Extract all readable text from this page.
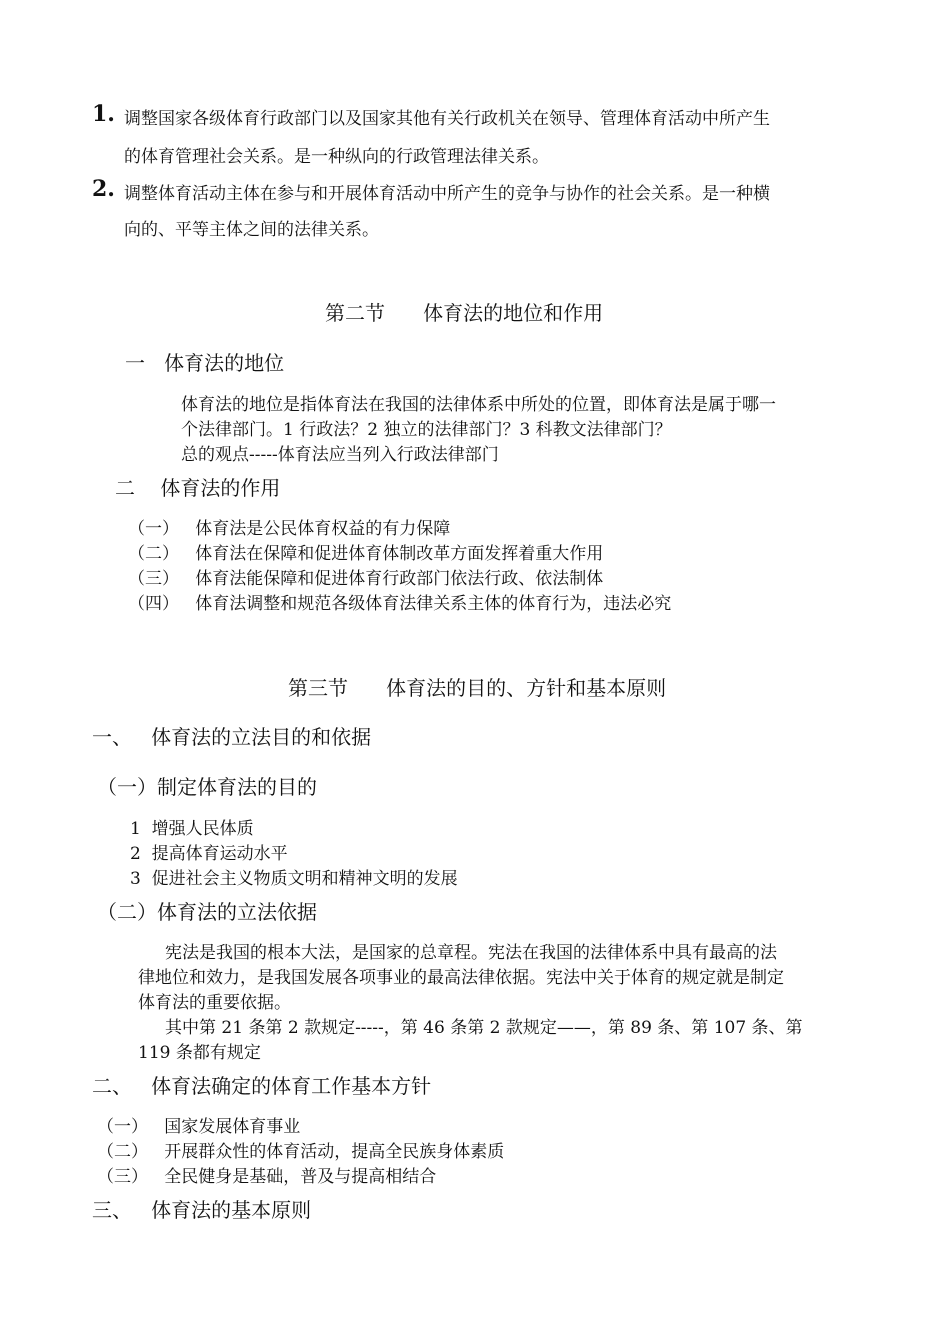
1. 调整国家各级体育行政部门以及国家其他有关行政机关在领导、管理体育活动中所产生
的体育管理社会关系。是一种纵向的行政管理法律关系。
2. 调整体育活动主体在参与和开展体育活动中所产生的竞争与协作的社会关系。是一种横
向的、平等主体之间的法律关系。
第二节      体育法的地位和作用
一   体育法的地位
体育法的地位是指体育法在我国的法律体系中所处的位置，即体育法是属于哪一
个法律部门。1 行政法？2 独立的法律部门？3 科教文法律部门？
总的观点-----体育法应当列入行政法律部门
二    体育法的作用
（一）   体育法是公民体育权益的有力保障
（二）   体育法在保障和促进体育体制改革方面发挥着重大作用
（三）   体育法能保障和促进体育行政部门依法行政、依法制体
（四）   体育法调整和规范各级体育法律关系主体的体育行为，违法必究
第三节      体育法的目的、方针和基本原则
一、   体育法的立法目的和依据
（一）制定体育法的目的
1  增强人民体质
2  提高体育运动水平
3  促进社会主义物质文明和精神文明的发展
（二）体育法的立法依据
宪法是我国的根本大法，是国家的总章程。宪法在我国的法律体系中具有最高的法
律地位和效力，是我国发展各项事业的最高法律依据。宪法中关于体育的规定就是制定
体育法的重要依据。
其中第 21 条第 2 款规定-----，第 46 条第 2 款规定——，第 89 条、第 107 条、第
119 条都有规定
二、   体育法确定的体育工作基本方针
（一）   国家发展体育事业
（二）   开展群众性的体育活动，提高全民族身体素质
（三）   全民健身是基础，普及与提高相结合
三、   体育法的基本原则
